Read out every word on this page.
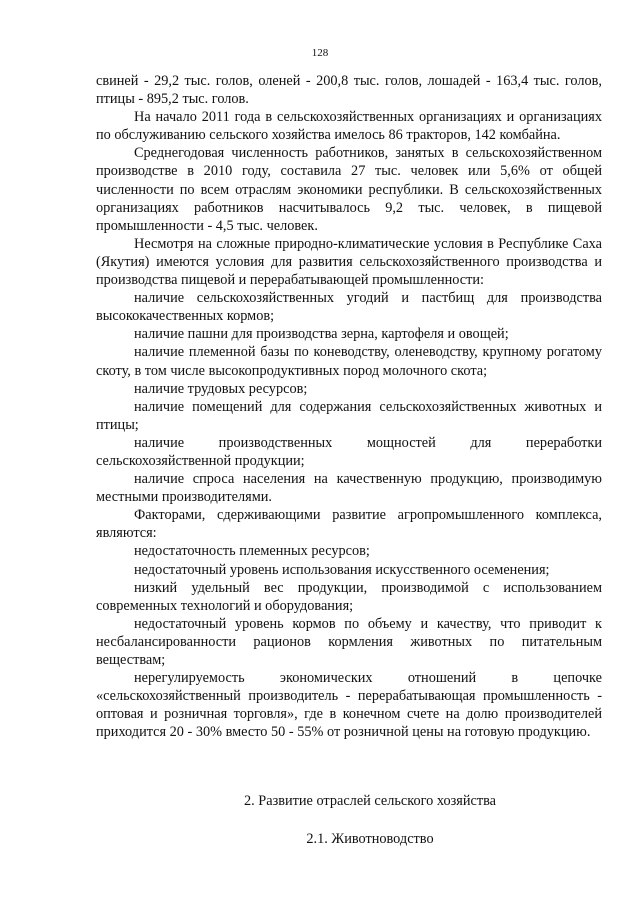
128

свиней - 29,2 тыс. голов, оленей - 200,8 тыс. голов, лошадей - 163,4 тыс. голов, птицы - 895,2 тыс. голов.

На начало 2011 года в сельскохозяйственных организациях и организациях по обслуживанию сельского хозяйства имелось 86 тракторов, 142 комбайна.

Среднегодовая численность работников, занятых в сельскохозяйственном производстве в 2010 году, составила 27 тыс. человек или 5,6% от общей численности по всем отраслям экономики республики. В сельскохозяйственных организациях работников насчитывалось 9,2 тыс. человек, в пищевой промышленности - 4,5 тыс. человек.

Несмотря на сложные природно-климатические условия в Республике Саха (Якутия) имеются условия для развития сельскохозяйственного производства и производства пищевой и перерабатывающей промышленности:

наличие сельскохозяйственных угодий и пастбищ для производства высококачественных кормов;

наличие пашни для производства зерна, картофеля и овощей;

наличие племенной базы по коневодству, оленеводству, крупному рогатому скоту, в том числе высокопродуктивных пород молочного скота;

наличие трудовых ресурсов;

наличие помещений для содержания сельскохозяйственных животных и птицы;

наличие производственных мощностей для переработки сельскохозяйственной продукции;

наличие спроса населения на качественную продукцию, производимую местными производителями.

Факторами, сдерживающими развитие агропромышленного комплекса, являются:

недостаточность племенных ресурсов;

недостаточный уровень использования искусственного осеменения;

низкий удельный вес продукции, производимой с использованием современных технологий и оборудования;

недостаточный уровень кормов по объему и качеству, что приводит к несбалансированности рационов кормления животных по питательным веществам;

нерегулируемость экономических отношений в цепочке «сельскохозяйственный производитель - перерабатывающая промышленность - оптовая и розничная торговля», где в конечном счете на долю производителей приходится 20 - 30% вместо 50 - 55% от розничной цены на готовую продукцию.

2. Развитие отраслей сельского хозяйства
2.1. Животноводство
